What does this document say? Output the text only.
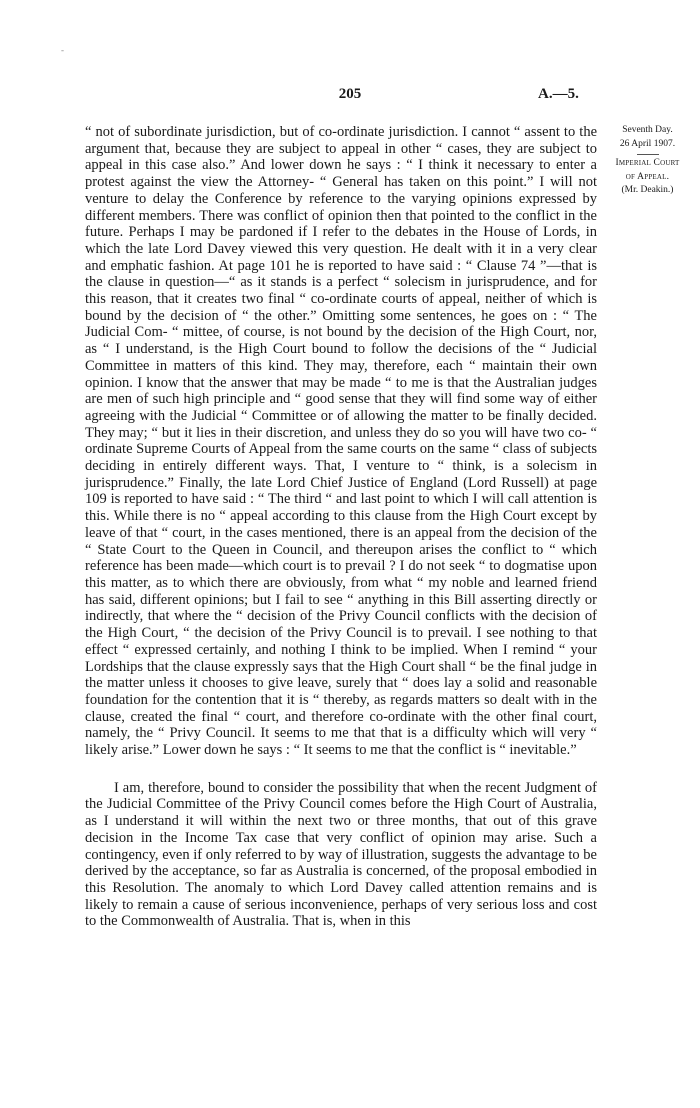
-
205	A.—5.
Seventh Day.
26 April 1907.
Imperial Court
of Appeal.
(Mr. Deakin.)

“ not of subordinate jurisdiction, but of co-ordinate jurisdiction. I cannot “ assent to the argument that, because they are subject to appeal in other “ cases, they are subject to appeal in this case also.” And lower down he says : “ I think it necessary to enter a protest against the view the Attorney- “ General has taken on this point.” I will not venture to delay the Conference by reference to the varying opinions expressed by different members. There was conflict of opinion then that pointed to the conflict in the future. Perhaps I may be pardoned if I refer to the debates in the House of Lords, in which the late Lord Davey viewed this very question. He dealt with it in a very clear and emphatic fashion. At page 101 he is reported to have said : “ Clause 74 ”—that is the clause in question—“ as it stands is a perfect “ solecism in jurisprudence, and for this reason, that it creates two final “ co-ordinate courts of appeal, neither of which is bound by the decision of “ the other.” Omitting some sentences, he goes on : “ The Judicial Com- “ mittee, of course, is not bound by the decision of the High Court, nor, as “ I understand, is the High Court bound to follow the decisions of the “ Judicial Committee in matters of this kind. They may, therefore, each “ maintain their own opinion. I know that the answer that may be made “ to me is that the Australian judges are men of such high principle and “ good sense that they will find some way of either agreeing with the Judicial “ Committee or of allowing the matter to be finally decided. They may; “ but it lies in their discretion, and unless they do so you will have two co- “ ordinate Supreme Courts of Appeal from the same courts on the same “ class of subjects deciding in entirely different ways. That, I venture to “ think, is a solecism in jurisprudence.” Finally, the late Lord Chief Justice of England (Lord Russell) at page 109 is reported to have said : “ The third “ and last point to which I will call attention is this. While there is no “ appeal according to this clause from the High Court except by leave of that “ court, in the cases mentioned, there is an appeal from the decision of the “ State Court to the Queen in Council, and thereupon arises the conflict to “ which reference has been made—which court is to prevail ? I do not seek “ to dogmatise upon this matter, as to which there are obviously, from what “ my noble and learned friend has said, different opinions; but I fail to see “ anything in this Bill asserting directly or indirectly, that where the “ decision of the Privy Council conflicts with the decision of the High Court, “ the decision of the Privy Council is to prevail. I see nothing to that effect “ expressed certainly, and nothing I think to be implied. When I remind “ your Lordships that the clause expressly says that the High Court shall “ be the final judge in the matter unless it chooses to give leave, surely that “ does lay a solid and reasonable foundation for the contention that it is “ thereby, as regards matters so dealt with in the clause, created the final “ court, and therefore co-ordinate with the other final court, namely, the “ Privy Council. It seems to me that that is a difficulty which will very “ likely arise.” Lower down he says : “ It seems to me that the conflict is “ inevitable.”

I am, therefore, bound to consider the possibility that when the recent Judgment of the Judicial Committee of the Privy Council comes before the High Court of Australia, as I understand it will within the next two or three months, that out of this grave decision in the Income Tax case that very conflict of opinion may arise. Such a contingency, even if only referred to by way of illustration, suggests the advantage to be derived by the acceptance, so far as Australia is concerned, of the proposal embodied in this Resolution. The anomaly to which Lord Davey called attention remains and is likely to remain a cause of serious inconvenience, perhaps of very serious loss and cost to the Commonwealth of Australia. That is, when in this
